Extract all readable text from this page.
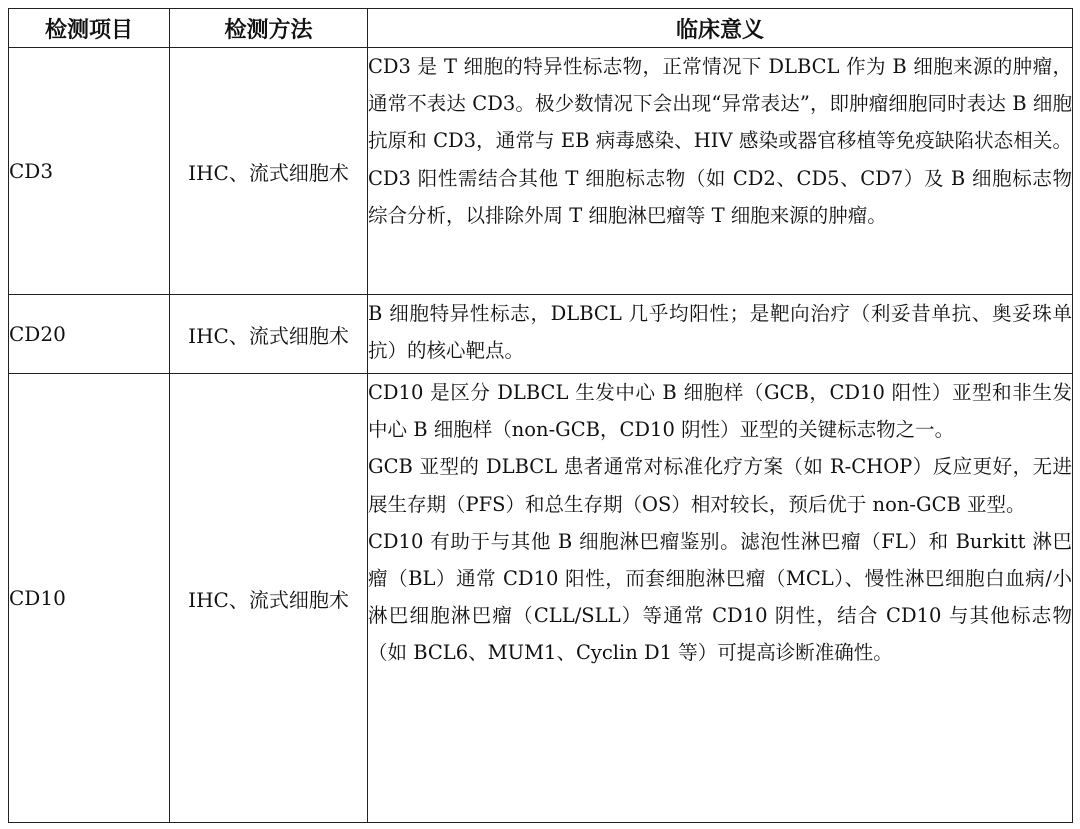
检测项目	检测方法	临床意义
CD3	IHC、流式细胞术	CD3 是 T 细胞的特异性标志物，正常情况下 DLBCL 作为 B 细胞来源的肿瘤，通常不表达 CD3。极少数情况下会出现“异常表达”，即肿瘤细胞同时表达 B 细胞抗原和 CD3，通常与 EB 病毒感染、HIV 感染或器官移植等免疫缺陷状态相关。CD3 阳性需结合其他 T 细胞标志物（如 CD2、CD5、CD7）及 B 细胞标志物综合分析，以排除外周 T 细胞淋巴瘤等 T 细胞来源的肿瘤。

CD20	IHC、流式细胞术	B 细胞特异性标志，DLBCL 几乎均阳性；是靶向治疗（利妥昔单抗、奥妥珠单抗）的核心靶点。

CD10	IHC、流式细胞术	CD10 是区分 DLBCL 生发中心 B 细胞样（GCB，CD10 阳性）亚型和非生发中心 B 细胞样（non-GCB，CD10 阴性）亚型的关键标志物之一。

GCB 亚型的 DLBCL 患者通常对标准化疗方案（如 R-CHOP）反应更好，无进展生存期（PFS）和总生存期（OS）相对较长，预后优于 non-GCB 亚型。

CD10 有助于与其他 B 细胞淋巴瘤鉴别。滤泡性淋巴瘤（FL）和 Burkitt 淋巴瘤（BL）通常 CD10 阳性，而套细胞淋巴瘤（MCL）、慢性淋巴细胞白血病/小淋巴细胞淋巴瘤（CLL/SLL）等通常 CD10 阴性，结合 CD10 与其他标志物（如 BCL6、MUM1、Cyclin D1 等）可提高诊断准确性。
